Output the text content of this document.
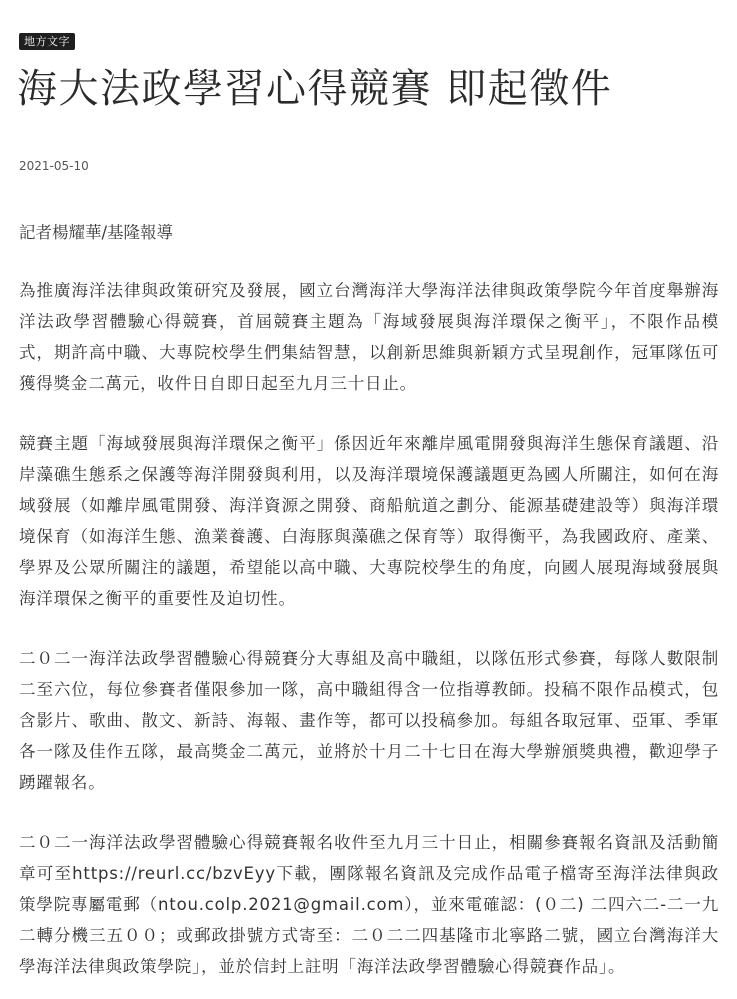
地方文字
海大法政學習心得競賽 即起徵件
2021-05-10
記者楊耀華/基隆報導

為推廣海洋法律與政策研究及發展，國立台灣海洋大學海洋法律與政策學院今年首度舉辦海洋法政學習體驗心得競賽，首屆競賽主題為「海域發展與海洋環保之衡平」，不限作品模式，期許高中職、大專院校學生們集結智慧，以創新思維與新穎方式呈現創作，冠軍隊伍可獲得獎金二萬元，收件日自即日起至九月三十日止。

競賽主題「海域發展與海洋環保之衡平」係因近年來離岸風電開發與海洋生態保育議題、沿岸藻礁生態系之保護等海洋開發與利用，以及海洋環境保護議題更為國人所關注，如何在海域發展（如離岸風電開發、海洋資源之開發、商船航道之劃分、能源基礎建設等）與海洋環境保育（如海洋生態、漁業養護、白海豚與藻礁之保育等）取得衡平，為我國政府、產業、學界及公眾所關注的議題，希望能以高中職、大專院校學生的角度，向國人展現海域發展與海洋環保之衡平的重要性及迫切性。

二０二一海洋法政學習體驗心得競賽分大專組及高中職組，以隊伍形式參賽，每隊人數限制二至六位，每位參賽者僅限參加一隊，高中職組得含一位指導教師。投稿不限作品模式，包含影片、歌曲、散文、新詩、海報、畫作等，都可以投稿參加。每組各取冠軍、亞軍、季軍各一隊及佳作五隊，最高獎金二萬元，並將於十月二十七日在海大學辦頒獎典禮，歡迎學子踴躍報名。

二０二一海洋法政學習體驗心得競賽報名收件至九月三十日止，相關參賽報名資訊及活動簡章可至https://reurl.cc/bzvEyy下載，團隊報名資訊及完成作品電子檔寄至海洋法律與政策學院專屬電郵（ntou.colp.2021@gmail.com），並來電確認：(０二) 二四六二-二一九二轉分機三五００；或郵政掛號方式寄至：二０二二四基隆市北寧路二號，國立台灣海洋大學海洋法律與政策學院」，並於信封上註明「海洋法政學習體驗心得競賽作品」。
